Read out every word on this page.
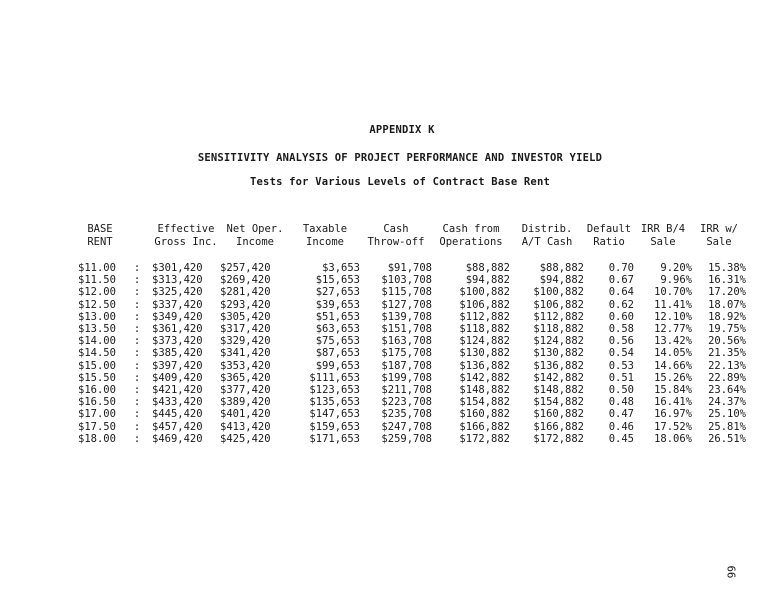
APPENDIX K
SENSITIVITY ANALYSIS OF PROJECT PERFORMANCE AND INVESTOR YIELD
Tests for Various Levels of Contract Base Rent
BASE		Effective	Net Oper.	Taxable	Cash	Cash from	Distrib.	Default	IRR B/4	IRR w/
RENT		Gross Inc.	Income	Income	Throw-off	Operations	A/T Cash	Ratio	Sale	Sale
$11.00	:	$301,420	$257,420	$3,653	$91,708	$88,882	$88,882	0.70	9.20%	15.38%
$11.50	:	$313,420	$269,420	$15,653	$103,708	$94,882	$94,882	0.67	9.96%	16.31%
$12.00	:	$325,420	$281,420	$27,653	$115,708	$100,882	$100,882	0.64	10.70%	17.20%
$12.50	:	$337,420	$293,420	$39,653	$127,708	$106,882	$106,882	0.62	11.41%	18.07%
$13.00	:	$349,420	$305,420	$51,653	$139,708	$112,882	$112,882	0.60	12.10%	18.92%
$13.50	:	$361,420	$317,420	$63,653	$151,708	$118,882	$118,882	0.58	12.77%	19.75%
$14.00	:	$373,420	$329,420	$75,653	$163,708	$124,882	$124,882	0.56	13.42%	20.56%
$14.50	:	$385,420	$341,420	$87,653	$175,708	$130,882	$130,882	0.54	14.05%	21.35%
$15.00	:	$397,420	$353,420	$99,653	$187,708	$136,882	$136,882	0.53	14.66%	22.13%
$15.50	:	$409,420	$365,420	$111,653	$199,708	$142,882	$142,882	0.51	15.26%	22.89%
$16.00	:	$421,420	$377,420	$123,653	$211,708	$148,882	$148,882	0.50	15.84%	23.64%
$16.50	:	$433,420	$389,420	$135,653	$223,708	$154,882	$154,882	0.48	16.41%	24.37%
$17.00	:	$445,420	$401,420	$147,653	$235,708	$160,882	$160,882	0.47	16.97%	25.10%
$17.50	:	$457,420	$413,420	$159,653	$247,708	$166,882	$166,882	0.46	17.52%	25.81%
$18.00	:	$469,420	$425,420	$171,653	$259,708	$172,882	$172,882	0.45	18.06%	26.51%
66
